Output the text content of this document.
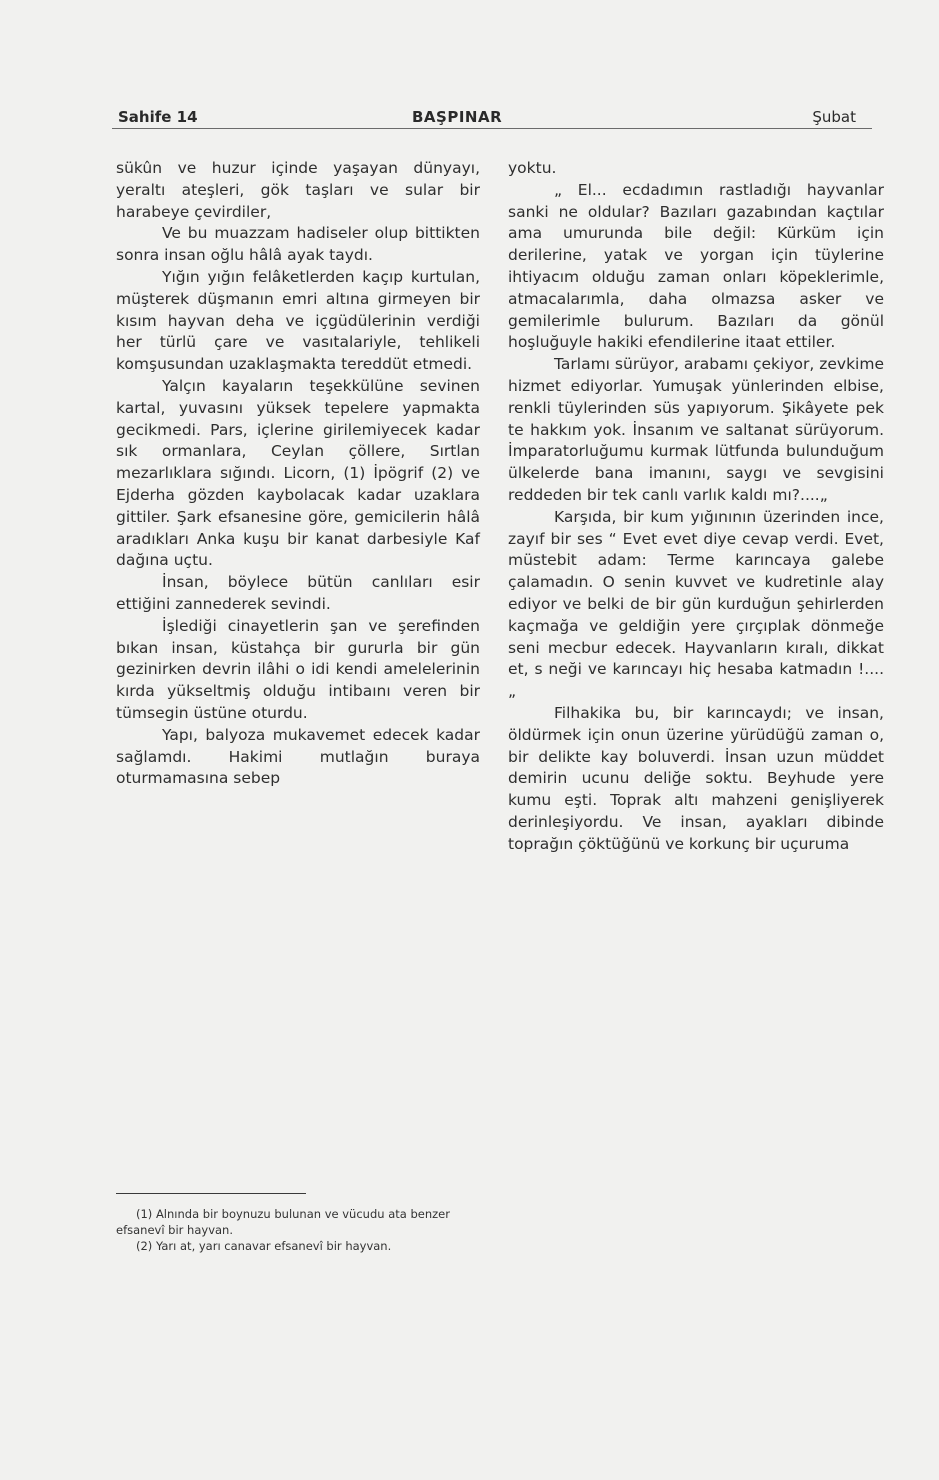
Sahife 14	BAŞPINAR	Şubat

sükûn ve huzur içinde yaşayan dünyayı, yeraltı ateşleri, gök taşları ve sular bir harabeye çevirdiler,

Ve bu muazzam hadiseler olup bittikten sonra insan oğlu hâlâ ayak taydı.

Yığın yığın felâketlerden kaçıp kurtulan, müşterek düşmanın emri altına girmeyen bir kısım hayvan deha ve içgüdülerinin verdiği her türlü çare ve vasıtalariyle, tehlikeli komşusundan uzaklaşmakta tereddüt etmedi.

Yalçın kayaların teşekkülüne sevinen kartal, yuvasını yüksek tepelere yapmakta gecikmedi. Pars, içlerine girilemiyecek kadar sık ormanlara, Ceylan çöllere, Sırtlan mezarlıklara sığındı. Licorn, (1) İpögrif (2) ve Ejderha gözden kaybolacak kadar uzaklara gittiler. Şark efsanesine göre, gemicilerin hâlâ aradıkları Anka kuşu bir kanat darbesiyle Kaf dağına uçtu.

İnsan, böylece bütün canlıları esir ettiğini zannederek sevindi.

İşlediği cinayetlerin şan ve şerefinden bıkan insan, küstahça bir gururla bir gün gezinirken devrin ilâhi o idi kendi amelelerinin kırda yükseltmiş olduğu intibaını veren bir tümsegin üstüne oturdu.

Yapı, balyoza mukavemet edecek kadar sağlamdı. Hakimi mutlağın buraya oturmamasına sebep

(1) Alnında bir boynuzu bulunan ve vücudu ata benzer efsanevî bir hayvan.

(2) Yarı at, yarı canavar efsanevî bir hayvan.

yoktu.

„ El... ecdadımın rastladığı hayvanlar sanki ne oldular? Bazıları gazabından kaçtılar ama umurunda bile değil: Kürküm için derilerine, yatak ve yorgan için tüylerine ihtiyacım olduğu zaman onları köpeklerimle, atmacalarımla, daha olmazsa asker ve gemilerimle bulurum. Bazıları da gönül hoşluğuyle hakiki efendilerine itaat ettiler.

Tarlamı sürüyor, arabamı çekiyor, zevkime hizmet ediyorlar. Yumuşak yünlerinden elbise, renkli tüylerinden süs yapıyorum. Şikâyete pek te hakkım yok. İnsanım ve saltanat sürüyorum. İmparatorluğumu kurmak lütfunda bulunduğum ülkelerde bana imanını, saygı ve sevgisini reddeden bir tek canlı varlık kaldı mı?....„

Karşıda, bir kum yığınının üzerinden ince, zayıf bir ses “ Evet evet diye cevap verdi. Evet, müstebit adam: Terme karıncaya galebe çalamadın. O senin kuvvet ve kudretinle alay ediyor ve belki de bir gün kurduğun şehirlerden kaçmağa ve geldiğin yere çırçıplak dönmeğe seni mecbur edecek. Hayvanların kıralı, dikkat et, s neği ve karıncayı hiç hesaba katmadın !....„

Filhakika bu, bir karıncaydı; ve insan, öldürmek için onun üzerine yürüdüğü zaman o, bir delikte kay boluverdi. İnsan uzun müddet demirin ucunu deliğe soktu. Beyhude yere kumu eşti. Toprak altı mahzeni genişliyerek derinleşiyordu. Ve insan, ayakları dibinde toprağın çöktüğünü ve korkunç bir uçuruma
